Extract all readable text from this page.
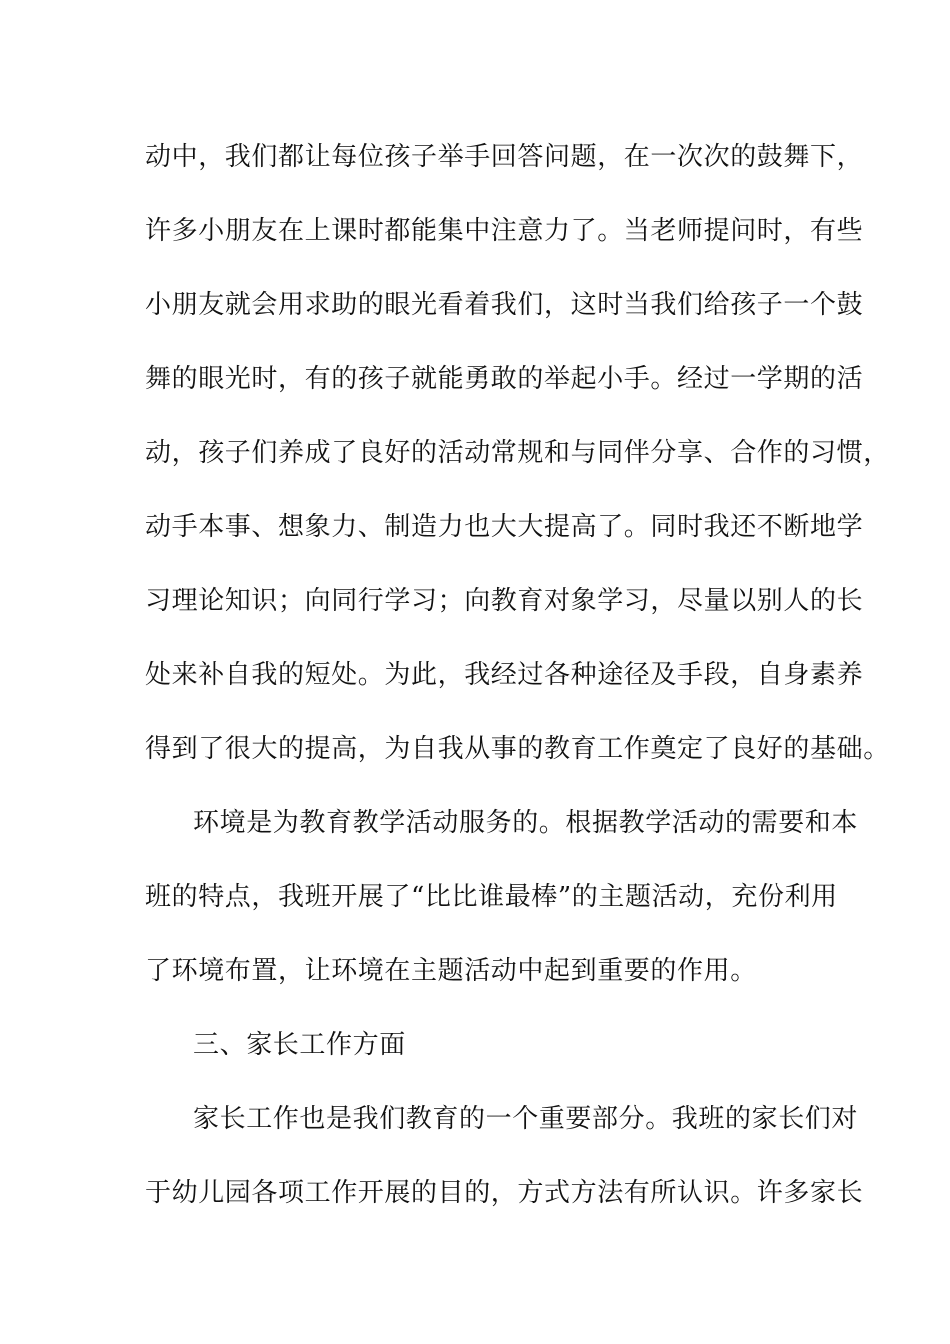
动中，我们都让每位孩子举手回答问题，在一次次的鼓舞下，
许多小朋友在上课时都能集中注意力了。当老师提问时，有些
小朋友就会用求助的眼光看着我们，这时当我们给孩子一个鼓
舞的眼光时，有的孩子就能勇敢的举起小手。经过一学期的活
动，孩子们养成了良好的活动常规和与同伴分享、合作的习惯，
动手本事、想象力、制造力也大大提高了。同时我还不断地学
习理论知识；向同行学习；向教育对象学习，尽量以别人的长
处来补自我的短处。为此，我经过各种途径及手段，自身素养
得到了很大的提高，为自我从事的教育工作奠定了良好的基础。
环境是为教育教学活动服务的。根据教学活动的需要和本
班的特点，我班开展了“比比谁最棒”的主题活动，充份利用
了环境布置，让环境在主题活动中起到重要的作用。
三、家长工作方面
家长工作也是我们教育的一个重要部分。我班的家长们对
于幼儿园各项工作开展的目的，方式方法有所认识。许多家长
